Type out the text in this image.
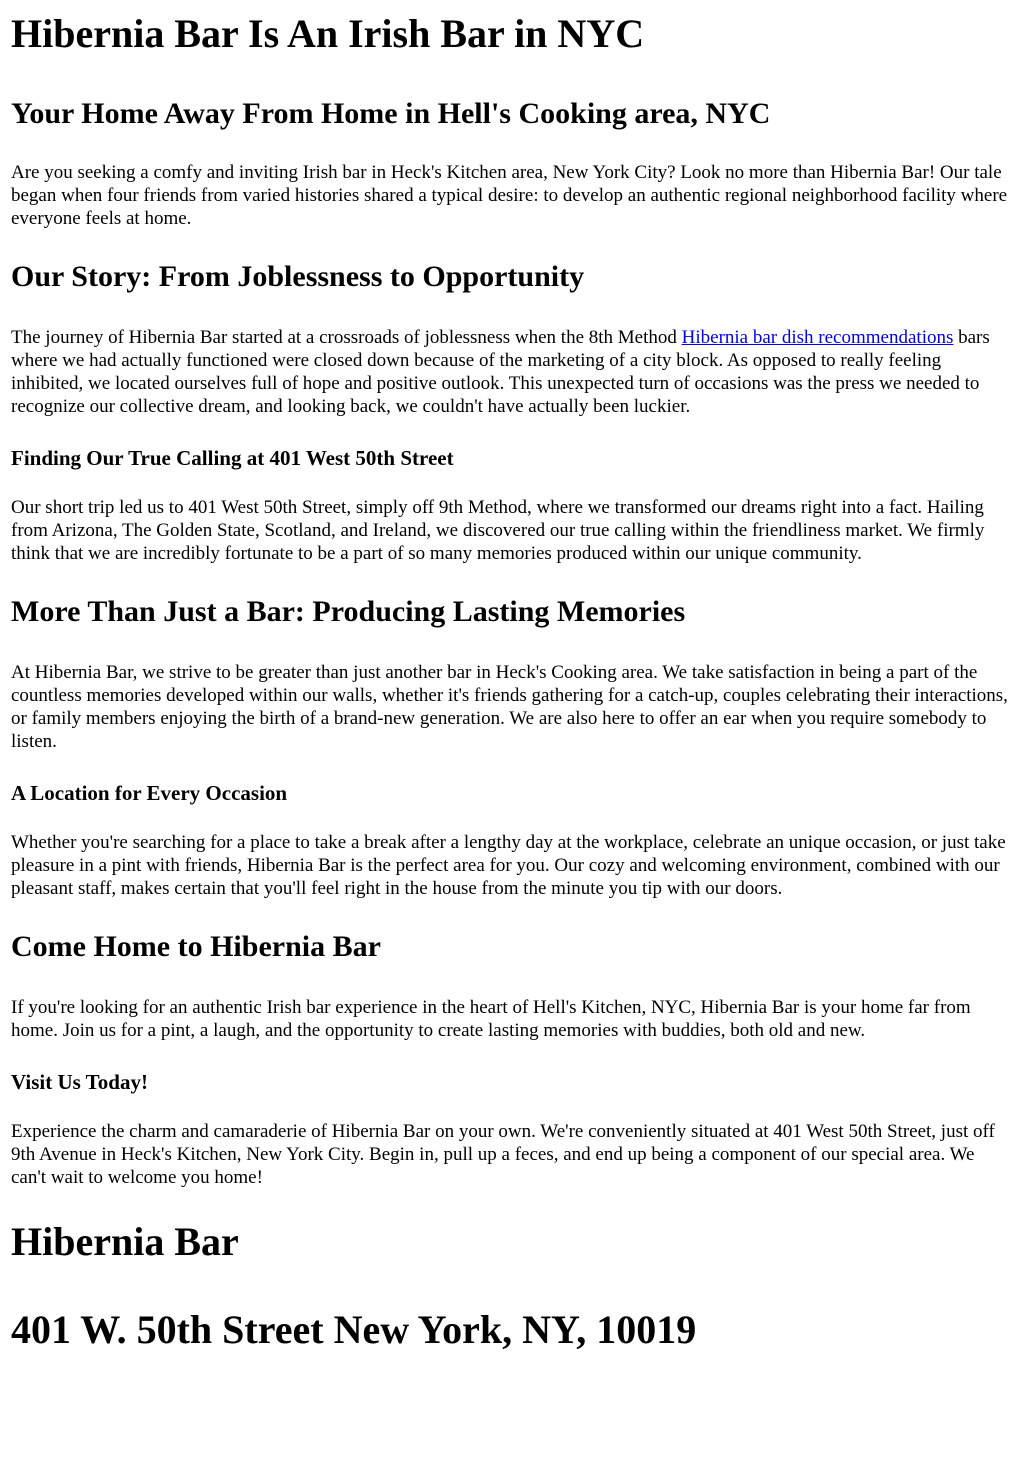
Hibernia Bar Is An Irish Bar in NYC
Your Home Away From Home in Hell's Cooking area, NYC

Are you seeking a comfy and inviting Irish bar in Heck's Kitchen area, New York City? Look no more than Hibernia Bar! Our tale began when four friends from varied histories shared a typical desire: to develop an authentic regional neighborhood facility where everyone feels at home.

Our Story: From Joblessness to Opportunity

The journey of Hibernia Bar started at a crossroads of joblessness when the 8th Method Hibernia bar dish recommendations bars where we had actually functioned were closed down because of the marketing of a city block. As opposed to really feeling inhibited, we located ourselves full of hope and positive outlook. This unexpected turn of occasions was the press we needed to recognize our collective dream, and looking back, we couldn't have actually been luckier.

Finding Our True Calling at 401 West 50th Street

Our short trip led us to 401 West 50th Street, simply off 9th Method, where we transformed our dreams right into a fact. Hailing from Arizona, The Golden State, Scotland, and Ireland, we discovered our true calling within the friendliness market. We firmly think that we are incredibly fortunate to be a part of so many memories produced within our unique community.

More Than Just a Bar: Producing Lasting Memories

At Hibernia Bar, we strive to be greater than just another bar in Heck's Cooking area. We take satisfaction in being a part of the countless memories developed within our walls, whether it's friends gathering for a catch-up, couples celebrating their interactions, or family members enjoying the birth of a brand-new generation. We are also here to offer an ear when you require somebody to listen.

A Location for Every Occasion

Whether you're searching for a place to take a break after a lengthy day at the workplace, celebrate an unique occasion, or just take pleasure in a pint with friends, Hibernia Bar is the perfect area for you. Our cozy and welcoming environment, combined with our pleasant staff, makes certain that you'll feel right in the house from the minute you tip with our doors.

Come Home to Hibernia Bar

If you're looking for an authentic Irish bar experience in the heart of Hell's Kitchen, NYC, Hibernia Bar is your home far from home. Join us for a pint, a laugh, and the opportunity to create lasting memories with buddies, both old and new.

Visit Us Today!

Experience the charm and camaraderie of Hibernia Bar on your own. We're conveniently situated at 401 West 50th Street, just off 9th Avenue in Heck's Kitchen, New York City. Begin in, pull up a feces, and end up being a component of our special area. We can't wait to welcome you home!

Hibernia Bar
401 W. 50th Street New York, NY, 10019
